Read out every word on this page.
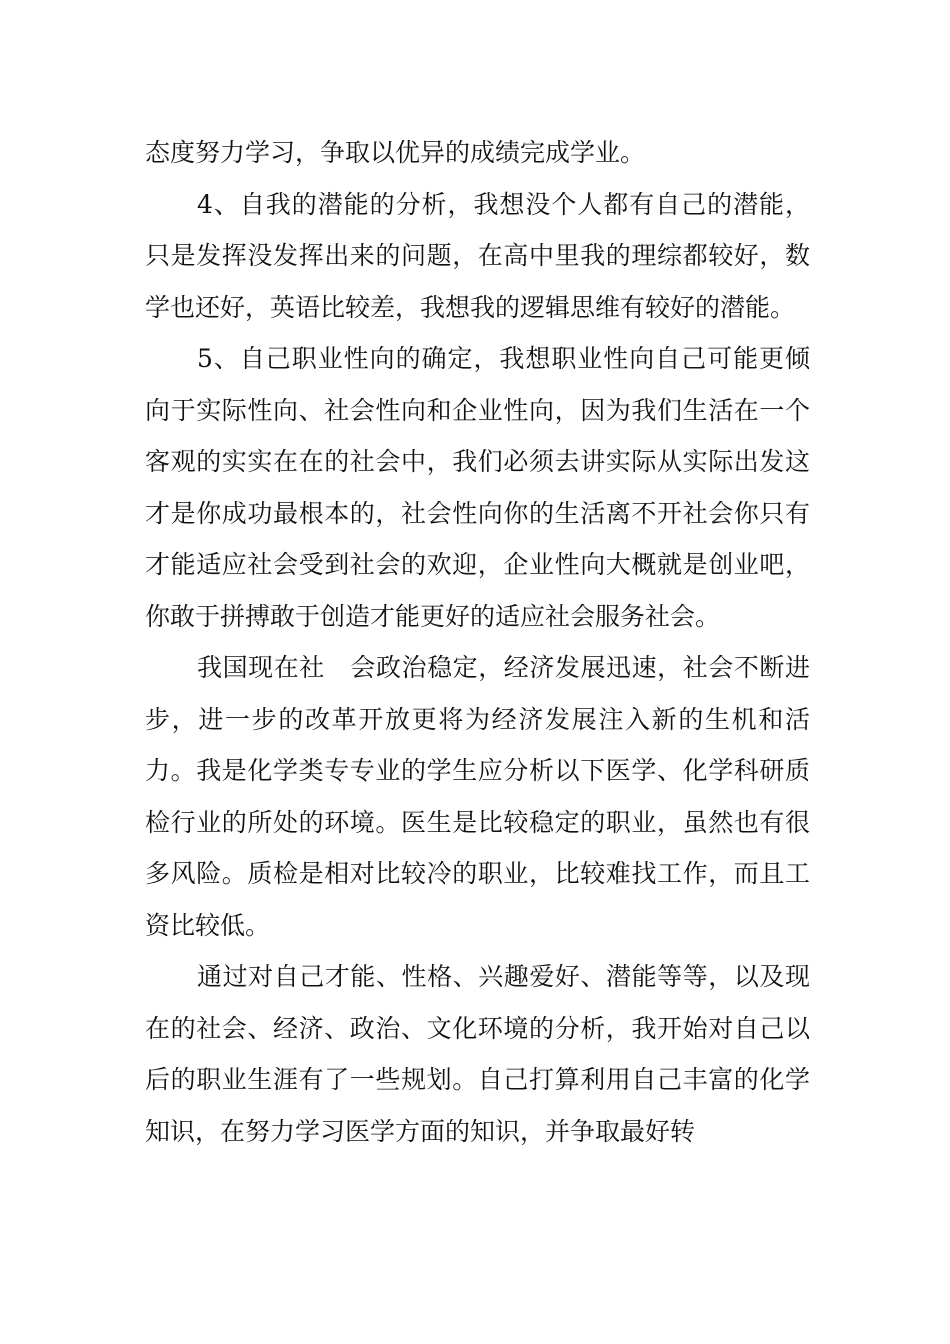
态度努力学习，争取以优异的成绩完成学业。

4、自我的潜能的分析，我想没个人都有自己的潜能，只是发挥没发挥出来的问题，在高中里我的理综都较好，数学也还好，英语比较差，我想我的逻辑思维有较好的潜能。

5、自己职业性向的确定，我想职业性向自己可能更倾向于实际性向、社会性向和企业性向，因为我们生活在一个客观的实实在在的社会中，我们必须去讲实际从实际出发这才是你成功最根本的，社会性向你的生活离不开社会你只有才能适应社会受到社会的欢迎，企业性向大概就是创业吧，你敢于拼搏敢于创造才能更好的适应社会服务社会。

我国现在社　会政治稳定，经济发展迅速，社会不断进步，进一步的改革开放更将为经济发展注入新的生机和活力。我是化学类专专业的学生应分析以下医学、化学科研质检行业的所处的环境。医生是比较稳定的职业，虽然也有很多风险。质检是相对比较冷的职业，比较难找工作，而且工资比较低。

通过对自己才能、性格、兴趣爱好、潜能等等，以及现在的社会、经济、政治、文化环境的分析，我开始对自己以后的职业生涯有了一些规划。自己打算利用自己丰富的化学知识，在努力学习医学方面的知识，并争取最好转
